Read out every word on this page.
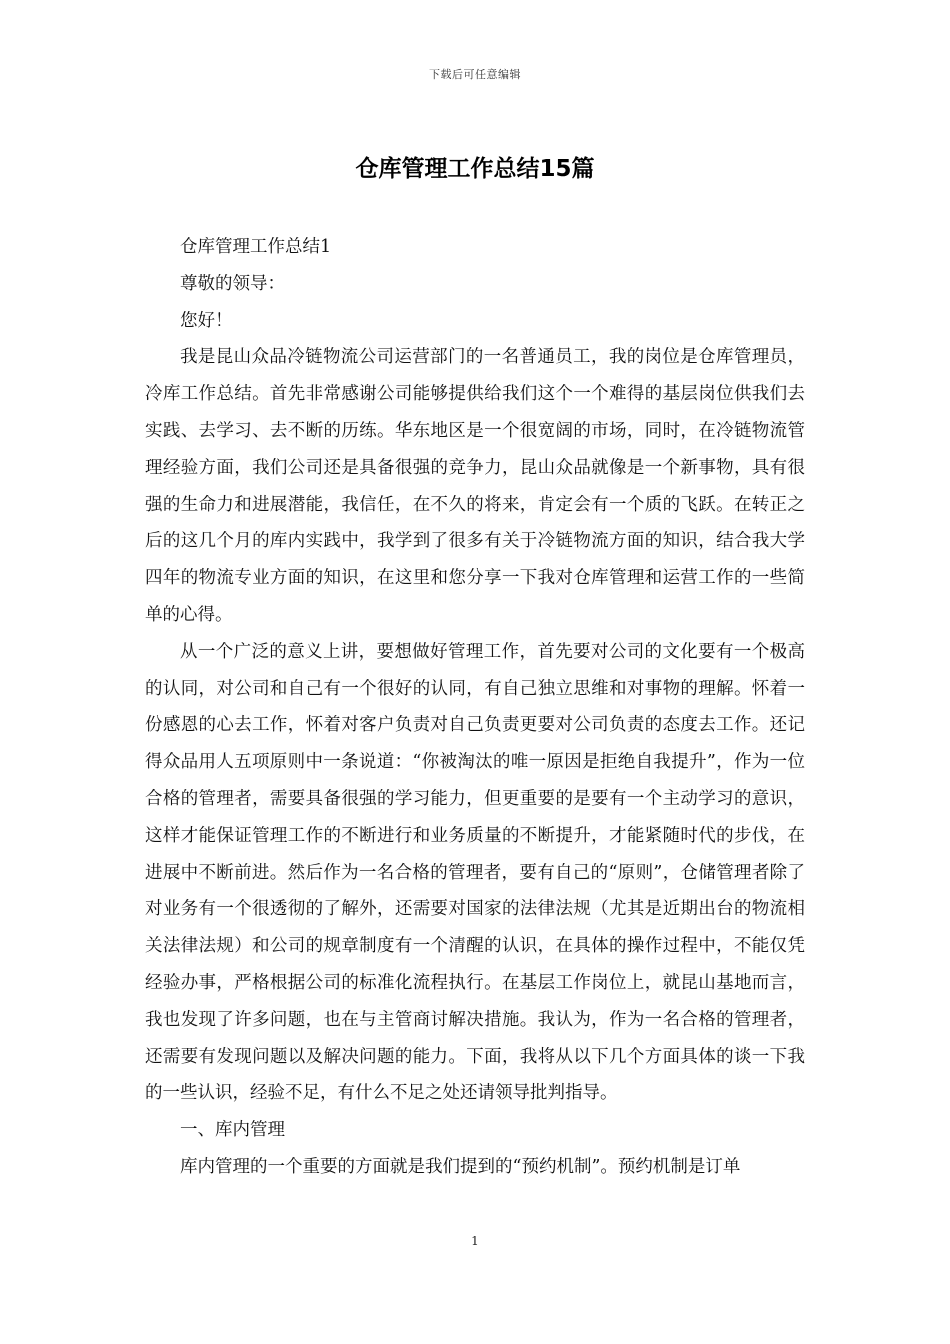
下载后可任意编辑
仓库管理工作总结15篇

仓库管理工作总结1

尊敬的领导：

您好！

我是昆山众品冷链物流公司运营部门的一名普通员工，我的岗位是仓库管理员，冷库工作总结。首先非常感谢公司能够提供给我们这个一个难得的基层岗位供我们去实践、去学习、去不断的历练。华东地区是一个很宽阔的市场，同时，在冷链物流管理经验方面，我们公司还是具备很强的竞争力，昆山众品就像是一个新事物，具有很强的生命力和进展潜能，我信任，在不久的将来，肯定会有一个质的飞跃。在转正之后的这几个月的库内实践中，我学到了很多有关于冷链物流方面的知识，结合我大学四年的物流专业方面的知识，在这里和您分享一下我对仓库管理和运营工作的一些简单的心得。

从一个广泛的意义上讲，要想做好管理工作，首先要对公司的文化要有一个极高的认同，对公司和自己有一个很好的认同，有自己独立思维和对事物的理解。怀着一份感恩的心去工作，怀着对客户负责对自己负责更要对公司负责的态度去工作。还记得众品用人五项原则中一条说道：“你被淘汰的唯一原因是拒绝自我提升”，作为一位合格的管理者，需要具备很强的学习能力，但更重要的是要有一个主动学习的意识，这样才能保证管理工作的不断进行和业务质量的不断提升，才能紧随时代的步伐，在进展中不断前进。然后作为一名合格的管理者，要有自己的“原则”，仓储管理者除了对业务有一个很透彻的了解外，还需要对国家的法律法规（尤其是近期出台的物流相关法律法规）和公司的规章制度有一个清醒的认识，在具体的操作过程中，不能仅凭经验办事，严格根据公司的标准化流程执行。在基层工作岗位上，就昆山基地而言，我也发现了许多问题，也在与主管商讨解决措施。我认为，作为一名合格的管理者，还需要有发现问题以及解决问题的能力。下面，我将从以下几个方面具体的谈一下我的一些认识，经验不足，有什么不足之处还请领导批判指导。

一、库内管理

库内管理的一个重要的方面就是我们提到的“预约机制”。预约机制是订单

1
